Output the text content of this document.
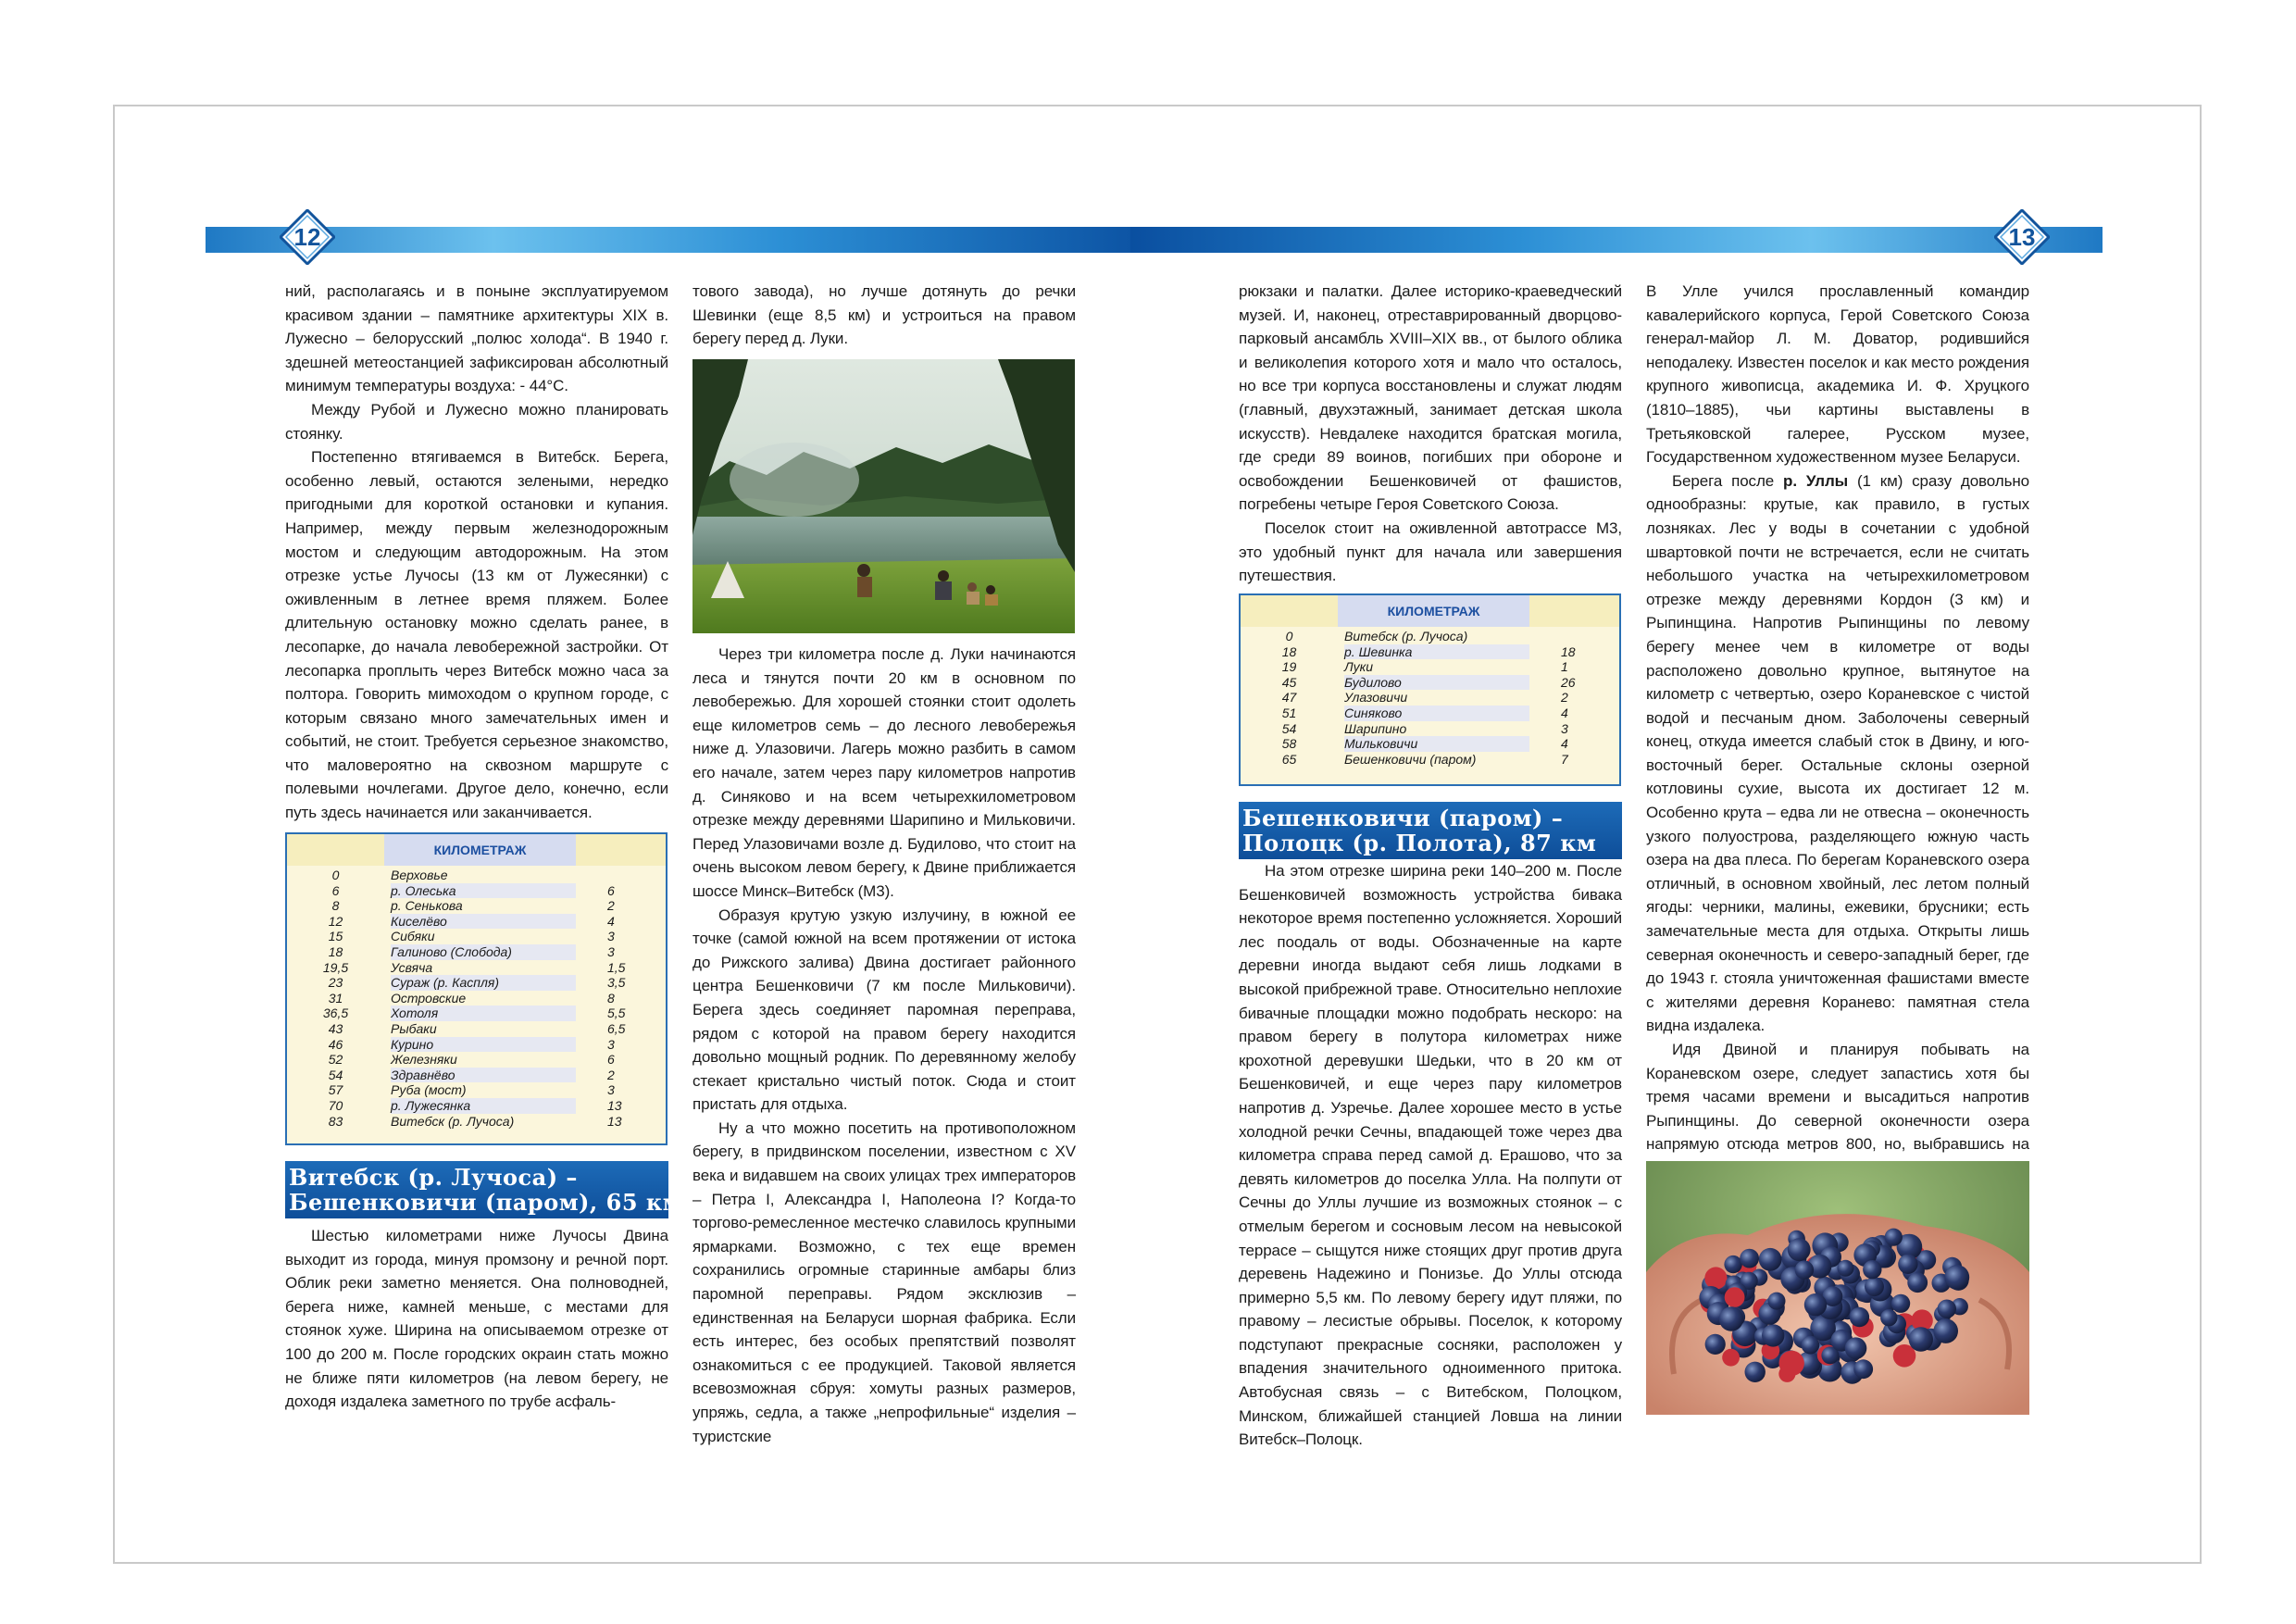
12	13

ний, располагаясь и в поныне эксплуатируемом красивом здании – памятнике архитектуры XIX в. Лужесно – белорусский „полюс холода“. В 1940 г. здешней метеостанцией зафиксирован абсолютный минимум температуры воздуха: - 44°С.

Между Рубой и Лужесно можно планировать стоянку.

Постепенно втягиваемся в Витебск. Берега, особенно левый, остаются зелеными, нередко пригодными для короткой остановки и купания. Например, между первым железнодорожным мостом и следующим автодорожным. На этом отрезке устье Лучосы (13 км от Лужесянки) с оживленным в летнее время пляжем. Более длительную остановку можно сделать ранее, в лесопарке, до начала левобережной застройки. От лесопарка проплыть через Витебск можно часа за полтора. Говорить мимоходом о крупном городе, с которым связано много замечательных имен и событий, не стоит. Требуется серьезное знакомство, что маловероятно на сквозном маршруте с полевыми ночлегами. Другое дело, конечно, если путь здесь начинается или заканчивается.

КИЛОМЕТРАЖ
0	Верховье
6	р. Олеська	6
8	р. Сенькова	2
12	Киселёво	4
15	Сибяки	3
18	Галиново (Слобода)	3
19,5	Усвяча	1,5
23	Сураж (р. Каспля)	3,5
31	Островские	8
36,5	Хотоля	5,5
43	Рыбаки	6,5
46	Курино	3
52	Железняки	6
54	Здравнёво	2
57	Руба (мост)	3
70	р. Лужесянка	13
83	Витебск (р. Лучоса)	13
Витебск (р. Лучоса) –
Бешенковичи (паром), 65 км

Шестью километрами ниже Лучосы Двина выходит из города, минуя промзону и речной порт. Облик реки заметно меняется. Она полноводней, берега ниже, камней меньше, с местами для стоянок хуже. Ширина на описываемом отрезке от 100 до 200 м. После городских окраин стать можно не ближе пяти километров (на левом берегу, не доходя издалека заметного по трубе асфаль-

тового завода), но лучше дотянуть до речки Шевинки (еще 8,5 км) и устроиться на правом берегу перед д. Луки.

Через три километра после д. Луки начинаются леса и тянутся почти 20 км в основном по левобережью. Для хорошей стоянки стоит одолеть еще километров семь – до лесного левобережья ниже д. Улазовичи. Лагерь можно разбить в самом его начале, затем через пару километров напротив д. Синяково и на всем четырехкилометровом отрезке между деревнями Шарипино и Мильковичи. Перед Улазовичами возле д. Будилово, что стоит на очень высоком левом берегу, к Двине приближается шоссе Минск–Витебск (М3).

Образуя крутую узкую излучину, в южной ее точке (самой южной на всем протяжении от истока до Рижского залива) Двина достигает районного центра Бешенковичи (7 км после Мильковичи). Берега здесь соединяет паромная переправа, рядом с которой на правом берегу находится довольно мощный родник. По деревянному желобу стекает кристально чистый поток. Сюда и стоит пристать для отдыха.

Ну а что можно посетить на противоположном берегу, в придвинском поселении, известном с XV века и видавшем на своих улицах трех императоров – Петра I, Александра I, Наполеона I? Когда-то торгово-ремесленное местечко славилось крупными ярмарками. Возможно, с тех еще времен сохранились огромные старинные амбары близ паромной переправы. Рядом эксклюзив – единственная на Беларуси шорная фабрика. Если есть интерес, без особых препятствий позволят ознакомиться с ее продукцией. Таковой является всевозможная сбруя: хомуты разных размеров, упряжь, седла, а также „непрофильные“ изделия – туристские

рюкзаки и палатки. Далее историко-краеведческий музей. И, наконец, отреставрированный дворцово-парковый ансамбль XVIII–XIX вв., от былого облика и великолепия которого хотя и мало что осталось, но все три корпуса восстановлены и служат людям (главный, двухэтажный, занимает детская школа искусств). Невдалеке находится братская могила, где среди 89 воинов, погибших при обороне и освобождении Бешенковичей от фашистов, погребены четыре Героя Советского Союза.

Поселок стоит на оживленной автотрассе М3, это удобный пункт для начала или завершения путешествия.

КИЛОМЕТРАЖ
0	Витебск (р. Лучоса)
18	р. Шевинка	18
19	Луки	1
45	Будилово	26
47	Улазовичи	2
51	Синяково	4
54	Шарипино	3
58	Мильковичи	4
65	Бешенковичи (паром)	7
Бешенковичи (паром) –
Полоцк (р. Полота), 87 км

На этом отрезке ширина реки 140–200 м. После Бешенковичей возможность устройства бивака некоторое время постепенно усложняется. Хороший лес поодаль от воды. Обозначенные на карте деревни иногда выдают себя лишь лодками в высокой прибрежной траве. Относительно неплохие бивачные площадки можно подобрать нескоро: на правом берегу в полутора километрах ниже крохотной деревушки Шедьки, что в 20 км от Бешенковичей, и еще через пару километров напротив д. Узречье. Далее хорошее место в устье холодной речки Сечны, впадающей тоже через два километра справа перед самой д. Ерашово, что за девять километров до поселка Улла. На полпути от Сечны до Уллы лучшие из возможных стоянок – с отмелым берегом и сосновым лесом на невысокой террасе – сыщутся ниже стоящих друг против друга деревень Надежино и Понизье. До Уллы отсюда примерно 5,5 км. По левому берегу идут пляжи, по правому – лесистые обрывы. Поселок, к которому подступают прекрасные сосняки, расположен у впадения значительного одноименного притока. Автобусная связь – с Витебском, Полоцком, Минском, ближайшей станцией Ловша на линии Витебск–Полоцк.

В Улле учился прославленный командир кавалерийского корпуса, Герой Советского Союза генерал-майор Л. М. Доватор, родившийся неподалеку. Известен поселок и как место рождения крупного живописца, академика И. Ф. Хруцкого (1810–1885), чьи картины выставлены в Третьяковской галерее, Русском музее, Государственном художественном музее Беларуси.

Берега после р. Уллы (1 км) сразу довольно однообразны: крутые, как правило, в густых лозняках. Лес у воды в сочетании с удобной швартовкой почти не встречается, если не считать небольшого участка на четырехкилометровом отрезке между деревнями Кордон (3 км) и Рыпинщина. Напротив Рыпинщины по левому берегу менее чем в километре от воды расположено довольно крупное, вытянутое на километр с четвертью, озеро Кораневское с чистой водой и песчаным дном. Заболочены северный конец, откуда имеется слабый сток в Двину, и юго-восточный берег. Остальные склоны озерной котловины сухие, высота их достигает 12 м. Особенно крута – едва ли не отвесна – оконечность узкого полуострова, разделяющего южную часть озера на два плеса. По берегам Кораневского озера отличный, в основном хвойный, лес летом полный ягоды: черники, малины, ежевики, брусники; есть замечательные места для отдыха. Открыты лишь северная оконечность и северо-западный берег, где до 1943 г. стояла уничтоженная фашистами вместе с жителями деревня Кораневo: памятная стела видна издалека.

Идя Двиной и планируя побывать на Кораневском озере, следует запастись хотя бы тремя часами времени и высадиться напротив Рыпинщины. До северной оконечности озера напрямую отсюда метров 800, но, выбравшись на
